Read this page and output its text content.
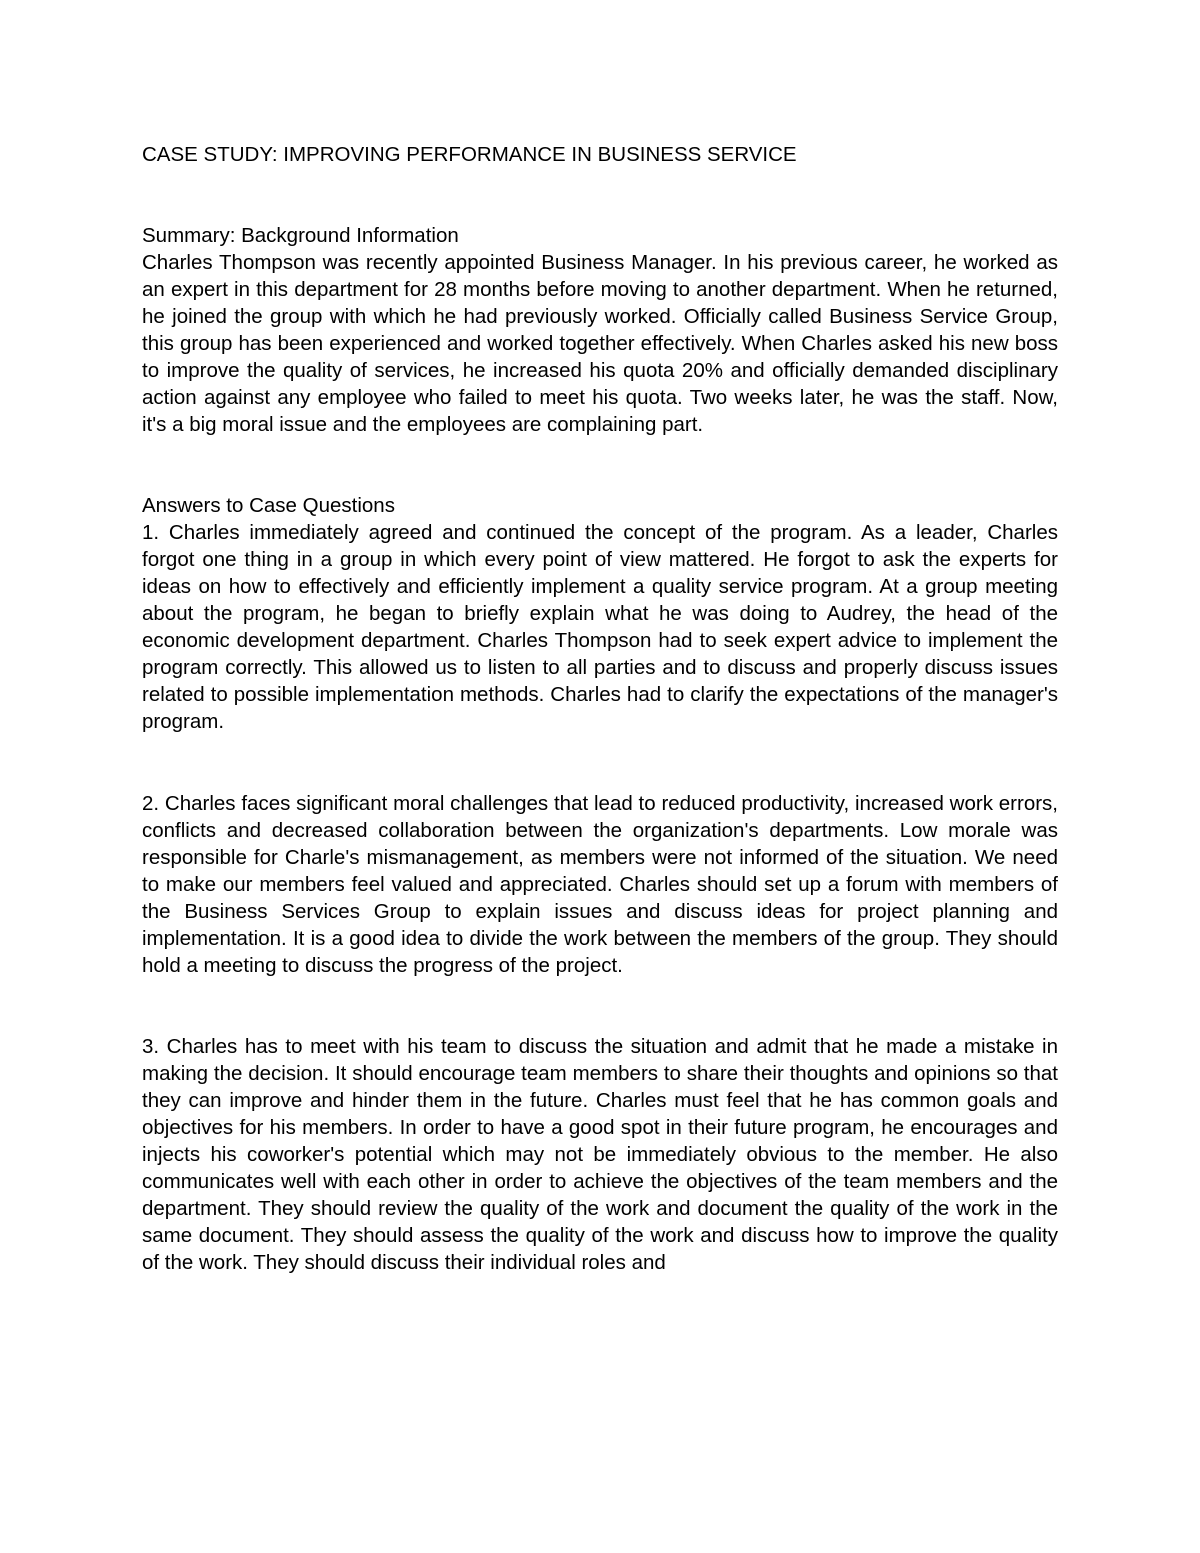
CASE STUDY: IMPROVING PERFORMANCE IN BUSINESS SERVICE
Summary: Background Information

Charles Thompson was recently appointed Business Manager. In his previous career, he worked as an expert in this department for 28 months before moving to another department. When he returned, he joined the group with which he had previously worked. Officially called Business Service Group, this group has been experienced and worked together effectively. When Charles asked his new boss to improve the quality of services, he increased his quota 20% and officially demanded disciplinary action against any employee who failed to meet his quota. Two weeks later, he was the staff. Now, it's a big moral issue and the employees are complaining part.

Answers to Case Questions

1. Charles immediately agreed and continued the concept of the program. As a leader, Charles forgot one thing in a group in which every point of view mattered. He forgot to ask the experts for ideas on how to effectively and efficiently implement a quality service program. At a group meeting about the program, he began to briefly explain what he was doing to Audrey, the head of the economic development department. Charles Thompson had to seek expert advice to implement the program correctly. This allowed us to listen to all parties and to discuss and properly discuss issues related to possible implementation methods. Charles had to clarify the expectations of the manager's program.

2. Charles faces significant moral challenges that lead to reduced productivity, increased work errors, conflicts and decreased collaboration between the organization's departments. Low morale was responsible for Charle's mismanagement, as members were not informed of the situation. We need to make our members feel valued and appreciated. Charles should set up a forum with members of the Business Services Group to explain issues and discuss ideas for project planning and implementation. It is a good idea to divide the work between the members of the group. They should hold a meeting to discuss the progress of the project.

3. Charles has to meet with his team to discuss the situation and admit that he made a mistake in making the decision. It should encourage team members to share their thoughts and opinions so that they can improve and hinder them in the future. Charles must feel that he has common goals and objectives for his members. In order to have a good spot in their future program, he encourages and injects his coworker's potential which may not be immediately obvious to the member. He also communicates well with each other in order to achieve the objectives of the team members and the department. They should review the quality of the work and document the quality of the work in the same document. They should assess the quality of the work and discuss how to improve the quality of the work. They should discuss their individual roles and
